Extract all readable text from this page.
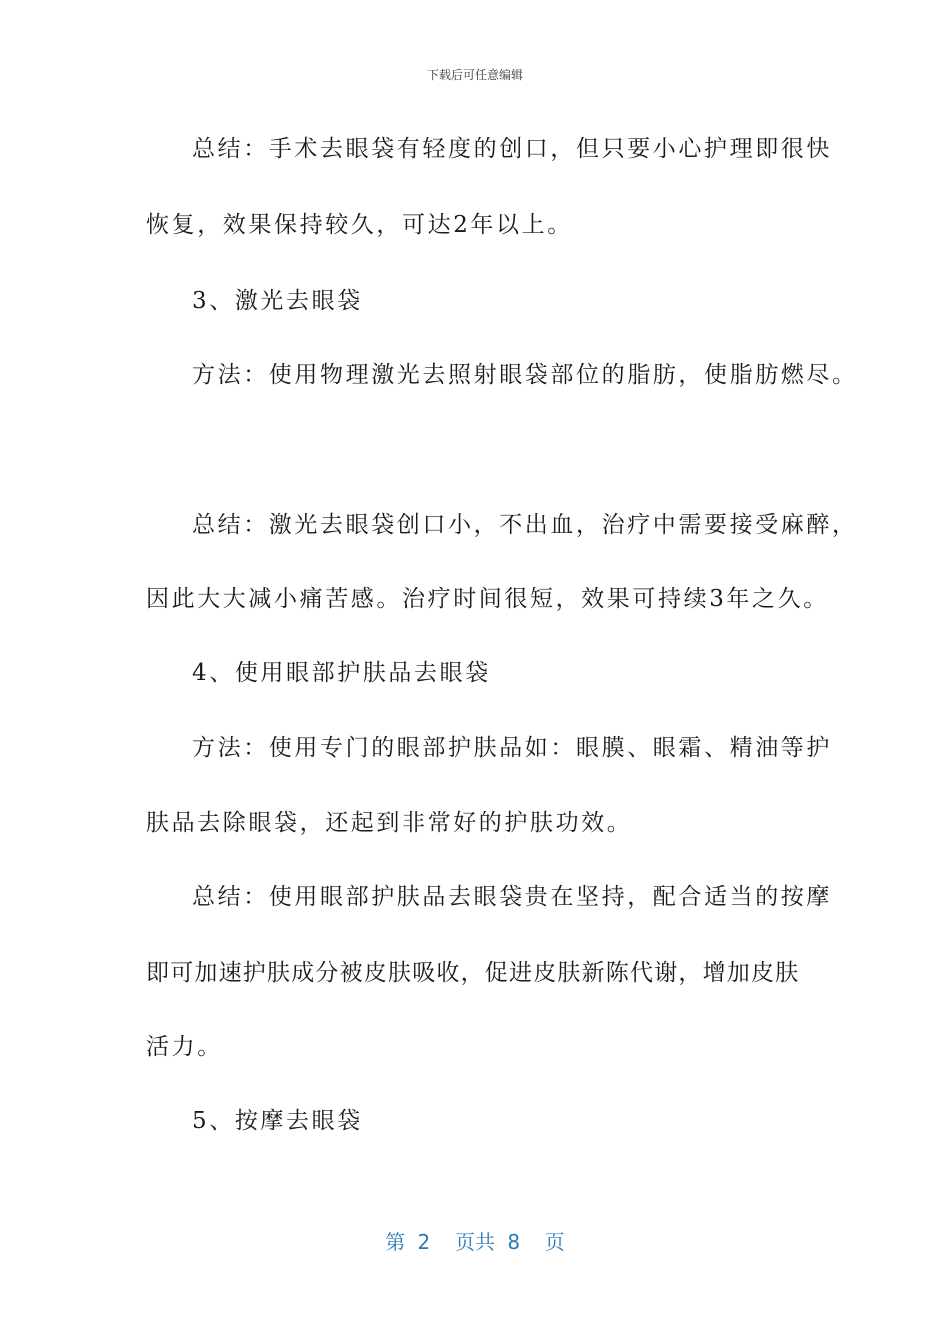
下载后可任意编辑
总结：手术去眼袋有轻度的创口，但只要小心护理即很快
恢复，效果保持较久，可达2年以上。
3、激光去眼袋
方法：使用物理激光去照射眼袋部位的脂肪，使脂肪燃尽。
总结：激光去眼袋创口小，不出血，治疗中需要接受麻醉，
因此大大减小痛苦感。治疗时间很短，效果可持续3年之久。
4、使用眼部护肤品去眼袋
方法：使用专门的眼部护肤品如：眼膜、眼霜、精油等护
肤品去除眼袋，还起到非常好的护肤功效。
总结：使用眼部护肤品去眼袋贵在坚持，配合适当的按摩
即可加速护肤成分被皮肤吸收，促进皮肤新陈代谢，增加皮肤
活力。
5、按摩去眼袋
第 2  页共 8  页
